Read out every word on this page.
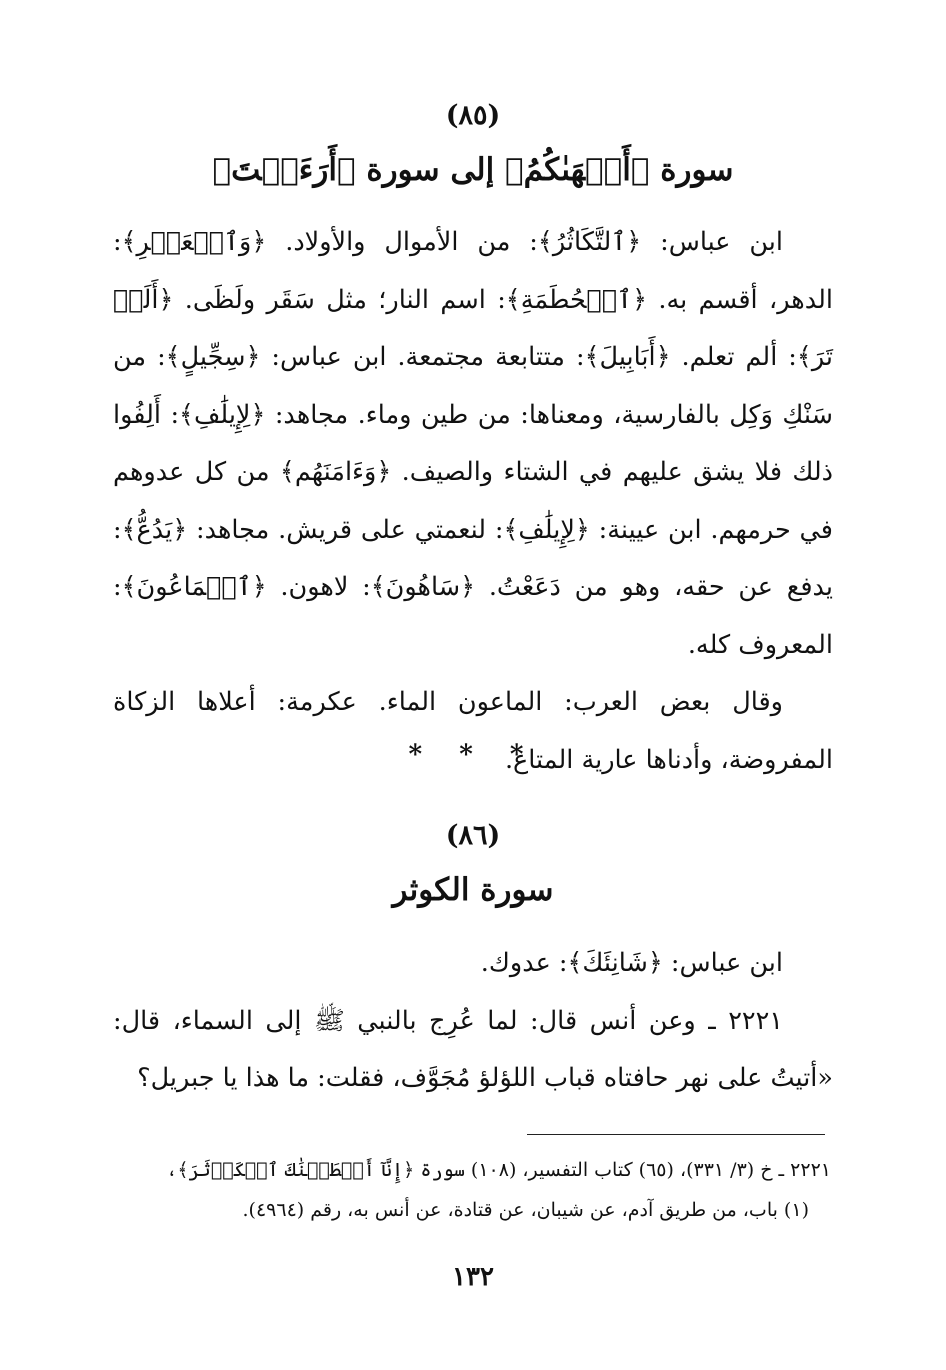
(٨٥)
سورة ﴿أَلۡهَىٰكُمُ﴾ إلى سورة ﴿أَرَءَيۡتَ﴾

ابن عباس: ﴿ٱلتَّكَاثُرُ﴾: من الأموال والأولاد. ﴿وَٱلۡعَصۡرِ﴾: الدهر، أقسم به. ﴿ٱلۡحُطَمَةِ﴾: اسم النار؛ مثل سَقَر ولَظَى. ﴿أَلَمۡ تَرَ﴾: ألم تعلم. ﴿أَبَابِيلَ﴾: متتابعة مجتمعة. ابن عباس: ﴿سِجِّيلٍ﴾: من سَنْكِ وَكِل بالفارسية، ومعناها: من طين وماء. مجاهد: ﴿لِإِيلَٰفِ﴾: أَلِفُوا ذلك فلا يشق عليهم في الشتاء والصيف. ﴿وَءَامَنَهُم﴾ من كل عدوهم في حرمهم. ابن عيينة: ﴿لِإِيلَٰفِ﴾: لنعمتي على قريش. مجاهد: ﴿يَدُعُّ﴾: يدفع عن حقه، وهو من دَعَعْتُ. ﴿سَاهُونَ﴾: لاهون. ﴿ٱلۡمَاعُونَ﴾: المعروف كله.

وقال بعض العرب: الماعون الماء. عكرمة: أعلاها الزكاة المفروضة، وأدناها عارية المتاع.

* * *
(٨٦)
سورة الكوثر

ابن عباس: ﴿شَانِئَكَ﴾: عدوك.

٢٢٢١ ـ وعن أنس قال: لما عُرِج بالنبي ﷺ إلى السماء، قال: «أتيتُ على نهر حافتاه قباب اللؤلؤ مُجَوَّف، فقلت: ما هذا يا جبريل؟

٢٢٢١ ـ خ (٣/ ٣٣١)، (٦٥) كتاب التفسير، (١٠٨) سورة ﴿إِنَّآ أَعۡطَيۡنَٰكَ ٱلۡكَوۡثَرَ﴾،

(١) باب، من طريق آدم، عن شيبان، عن قتادة، عن أنس به، رقم (٤٩٦٤).

١٣٢
